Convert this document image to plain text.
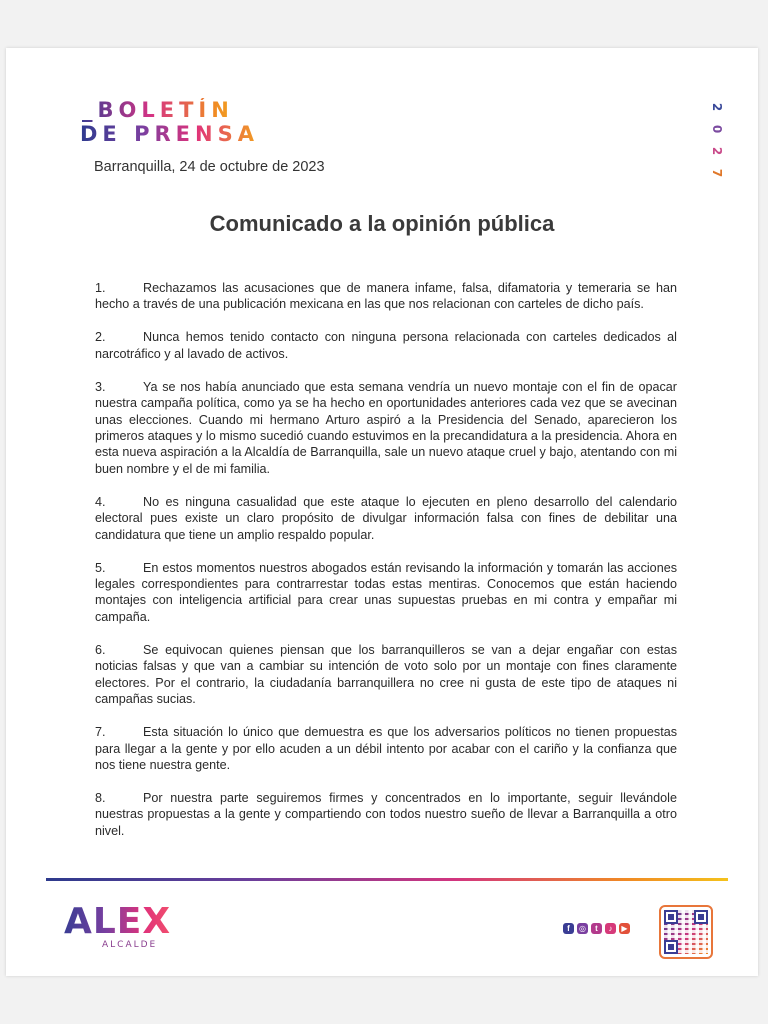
_BOLETÍN
DE PRENSA
2
0
2
7
Barranquilla, 24 de octubre de 2023
Comunicado a la opinión pública

1.	Rechazamos las acusaciones que de manera infame, falsa, difamatoria y temeraria se han hecho a través de una publicación mexicana en las que nos relacionan con carteles de dicho país.

2.	Nunca hemos tenido contacto con ninguna persona relacionada con carteles dedicados al narcotráfico y al lavado de activos.

3.	Ya se nos había anunciado que esta semana vendría un nuevo montaje con el fin de opacar nuestra campaña política, como ya se ha hecho en oportunidades anteriores cada vez que se avecinan unas elecciones. Cuando mi hermano Arturo aspiró a la Presidencia del Senado, aparecieron los primeros ataques y lo mismo sucedió cuando estuvimos en la precandidatura a la presidencia. Ahora en esta nueva aspiración a la Alcaldía de Barranquilla, sale un nuevo ataque cruel y bajo, atentando con mi buen nombre y el de mi familia.

4.	No es ninguna casualidad que este ataque lo ejecuten en pleno desarrollo del calendario electoral pues existe un claro propósito de divulgar información falsa con fines de debilitar una candidatura que tiene un amplio respaldo popular.

5.	En estos momentos nuestros abogados están revisando la información y tomarán las acciones legales correspondientes para contrarrestar todas estas mentiras. Conocemos que están haciendo montajes con inteligencia artificial para crear unas supuestas pruebas en mi contra y empañar mi campaña.

6.	Se equivocan quienes piensan que los barranquilleros se van a dejar engañar con estas noticias falsas y que van a cambiar su intención de voto solo por un montaje con fines claramente electores. Por el contrario, la ciudadanía barranquillera no cree ni gusta de este tipo de ataques ni campañas sucias.

7.	Esta situación lo único que demuestra es que los adversarios políticos no tienen propuestas para llegar a la gente y por ello acuden a un débil intento por acabar con el cariño y la confianza que nos tiene nuestra gente.

8.	Por nuestra parte seguiremos firmes y concentrados en lo importante, seguir llevándole nuestras propuestas a la gente y compartiendo con todos nuestro sueño de llevar a Barranquilla a otro nivel.

ALEX
ALCALDE
f	◎	t	♪	▶
